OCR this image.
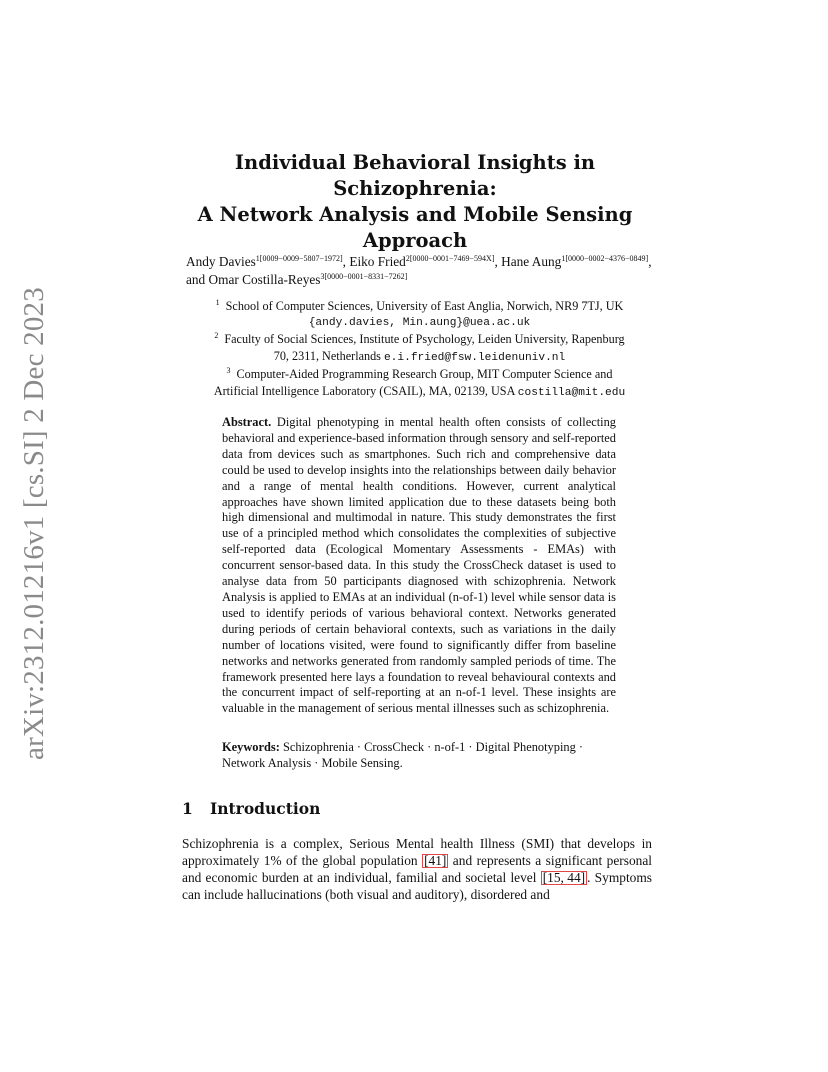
arXiv:2312.01216v1 [cs.SI] 2 Dec 2023
Individual Behavioral Insights in Schizophrenia:
A Network Analysis and Mobile Sensing
Approach
Andy Davies$^{1[0009-0009-5807-1972]}$, Eiko Fried$^{2[0000-0001-7469-594X]}$, Hane Aung$^{1[0000-0002-4376-0849]}$, and Omar Costilla-Reyes$^{3[0000-0001-8331-7262]}$
$^1$ School of Computer Sciences, University of East Anglia, Norwich, NR9 7TJ, UK
{andy.davies, Min.aung}@uea.ac.uk
$^2$ Faculty of Social Sciences, Institute of Psychology, Leiden University, Rapenburg
70, 2311, Netherlands e.i.fried@fsw.leidenuniv.nl
$^3$ Computer-Aided Programming Research Group, MIT Computer Science and
Artificial Intelligence Laboratory (CSAIL), MA, 02139, USA costilla@mit.edu
Abstract. Digital phenotyping in mental health often consists of collecting behavioral and experience-based information through sensory and self-reported data from devices such as smartphones. Such rich and comprehensive data could be used to develop insights into the relationships between daily behavior and a range of mental health conditions. However, current analytical approaches have shown limited application due to these datasets being both high dimensional and multimodal in nature. This study demonstrates the first use of a principled method which consolidates the complexities of subjective self-reported data (Ecological Momentary Assessments - EMAs) with concurrent sensor-based data. In this study the CrossCheck dataset is used to analyse data from 50 participants diagnosed with schizophrenia. Network Analysis is applied to EMAs at an individual (n-of-1) level while sensor data is used to identify periods of various behavioral context. Networks generated during periods of certain behavioral contexts, such as variations in the daily number of locations visited, were found to significantly differ from baseline networks and networks generated from randomly sampled periods of time. The framework presented here lays a foundation to reveal behavioural contexts and the concurrent impact of self-reporting at an n-of-1 level. These insights are valuable in the management of serious mental illnesses such as schizophrenia.
Keywords: Schizophrenia · CrossCheck · n-of-1 · Digital Phenotyping · Network Analysis · Mobile Sensing.
1 Introduction
Schizophrenia is a complex, Serious Mental health Illness (SMI) that develops in approximately 1% of the global population [41] and represents a significant personal and economic burden at an individual, familial and societal level [15, 44] . Symptoms can include hallucinations (both visual and auditory), disordered and
